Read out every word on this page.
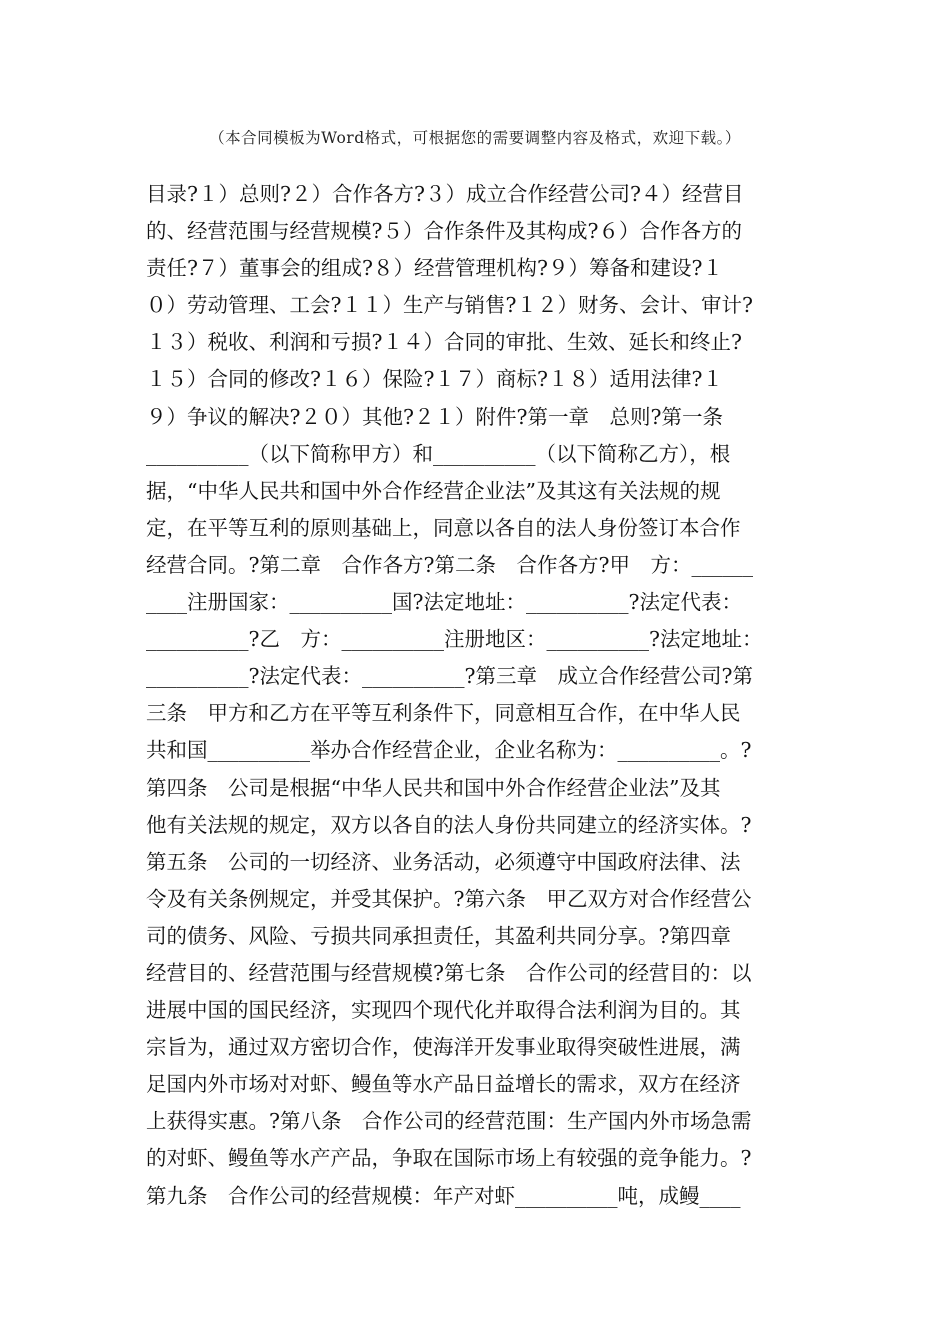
（本合同模板为Word格式，可根据您的需要调整内容及格式，欢迎下载。）
目录?１）总则?２）合作各方?３）成立合作经营公司?４）经营目
的、经营范围与经营规模?５）合作条件及其构成?６）合作各方的
责任?７）董事会的组成?８）经营管理机构?９）筹备和建设?１
０）劳动管理、工会?１１）生产与销售?１２）财务、会计、审计?
１３）税收、利润和亏损?１４）合同的审批、生效、延长和终止?
１５）合同的修改?１６）保险?１７）商标?１８）适用法律?１
９）争议的解决?２０）其他?２１）附件?第一章　总则?第一条
__________（以下简称甲方）和__________（以下简称乙方），根
据，“中华人民共和国中外合作经营企业法”及其这有关法规的规
定，在平等互利的原则基础上，同意以各自的法人身份签订本合作
经营合同。?第二章　合作各方?第二条　合作各方?甲　方：______
____注册国家：__________国?法定地址：__________?法定代表：
__________?乙　方：__________注册地区：__________?法定地址：
__________?法定代表：__________?第三章　成立合作经营公司?第
三条　甲方和乙方在平等互利条件下，同意相互合作，在中华人民
共和国__________举办合作经营企业，企业名称为：__________。?
第四条　公司是根据“中华人民共和国中外合作经营企业法”及其
他有关法规的规定，双方以各自的法人身份共同建立的经济实体。?
第五条　公司的一切经济、业务活动，必须遵守中国政府法律、法
令及有关条例规定，并受其保护。?第六条　甲乙双方对合作经营公
司的债务、风险、亏损共同承担责任，其盈利共同分享。?第四章
经营目的、经营范围与经营规模?第七条　合作公司的经营目的：以
进展中国的国民经济，实现四个现代化并取得合法利润为目的。其
宗旨为，通过双方密切合作，使海洋开发事业取得突破性进展，满
足国内外市场对对虾、鳗鱼等水产品日益增长的需求，双方在经济
上获得实惠。?第八条　合作公司的经营范围：生产国内外市场急需
的对虾、鳗鱼等水产产品，争取在国际市场上有较强的竞争能力。?
第九条　合作公司的经营规模：年产对虾__________吨，成鳗____
